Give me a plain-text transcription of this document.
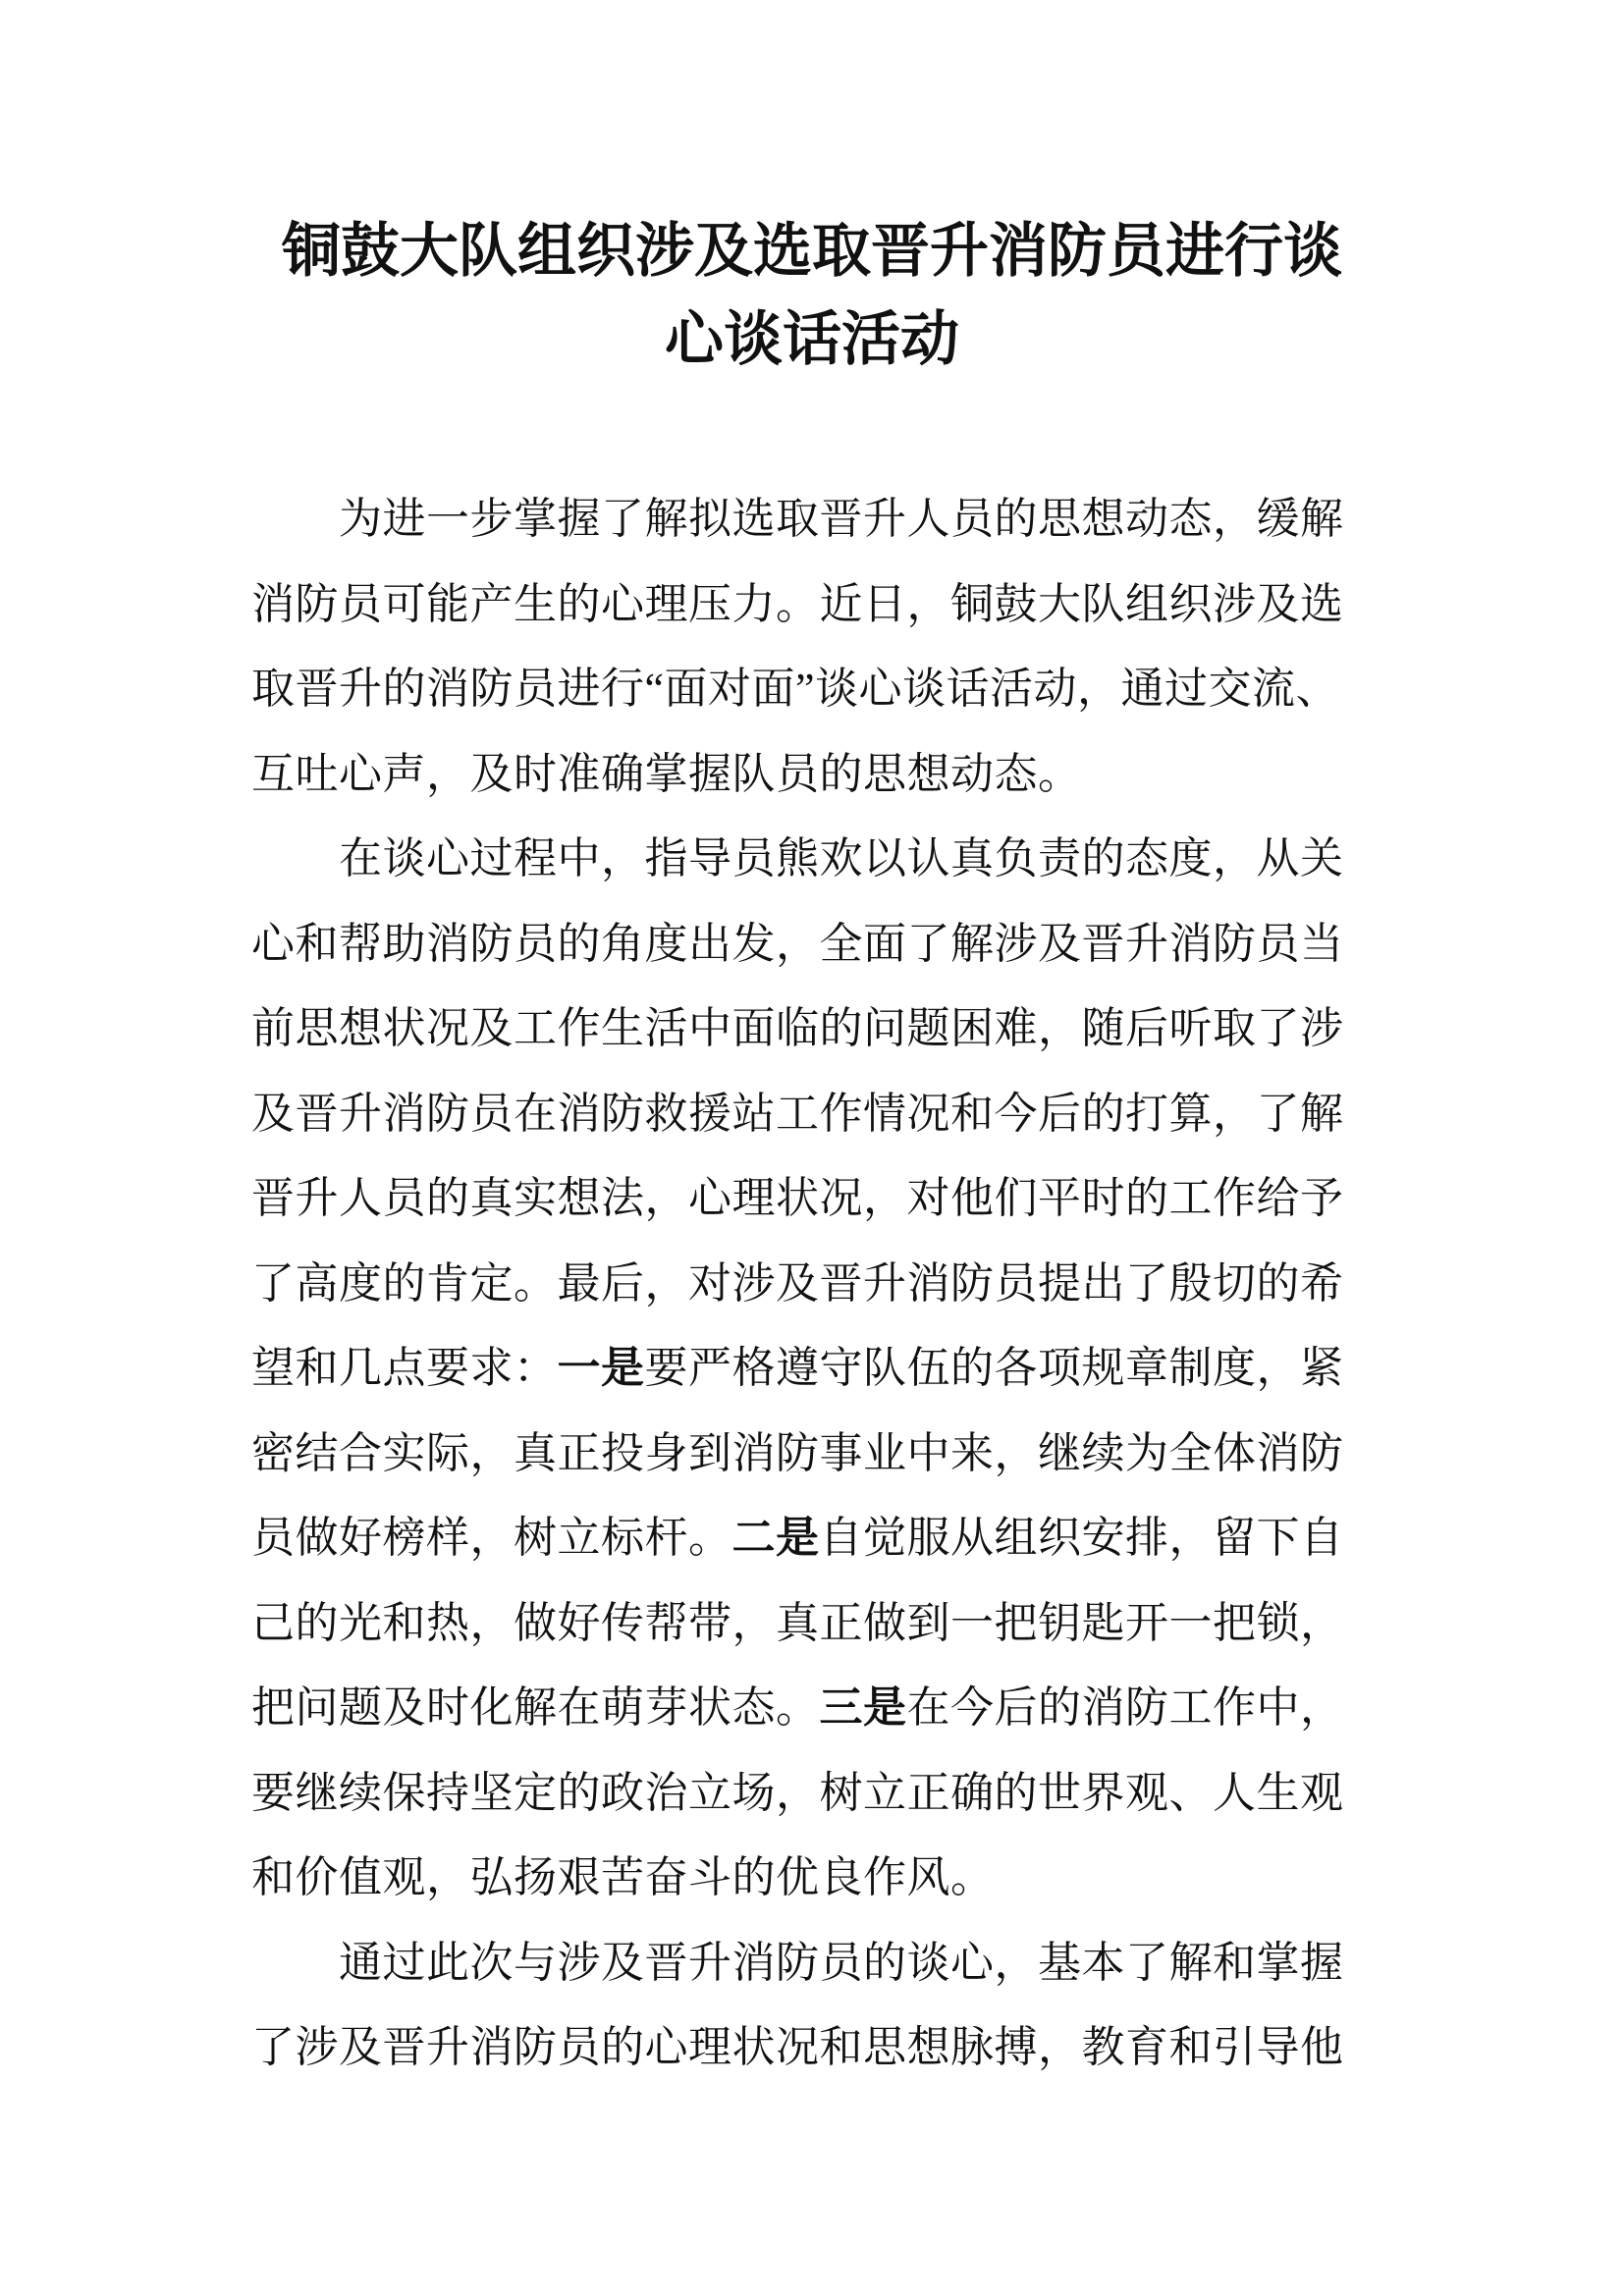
铜鼓大队组织涉及选取晋升消防员进行谈
心谈话活动
为进一步掌握了解拟选取晋升人员的思想动态，缓解
消防员可能产生的心理压力。近日，铜鼓大队组织涉及选
取晋升的消防员进行“面对面”谈心谈话活动，通过交流、
互吐心声，及时准确掌握队员的思想动态。
在谈心过程中，指导员熊欢以认真负责的态度，从关
心和帮助消防员的角度出发，全面了解涉及晋升消防员当
前思想状况及工作生活中面临的问题困难，随后听取了涉
及晋升消防员在消防救援站工作情况和今后的打算，了解
晋升人员的真实想法，心理状况，对他们平时的工作给予
了高度的肯定。最后，对涉及晋升消防员提出了殷切的希
望和几点要求：一是要严格遵守队伍的各项规章制度，紧
密结合实际，真正投身到消防事业中来，继续为全体消防
员做好榜样，树立标杆。二是自觉服从组织安排，留下自
己的光和热，做好传帮带，真正做到一把钥匙开一把锁，
把问题及时化解在萌芽状态。三是在今后的消防工作中，
要继续保持坚定的政治立场，树立正确的世界观、人生观
和价值观，弘扬艰苦奋斗的优良作风。
通过此次与涉及晋升消防员的谈心，基本了解和掌握
了涉及晋升消防员的心理状况和思想脉搏，教育和引导他
